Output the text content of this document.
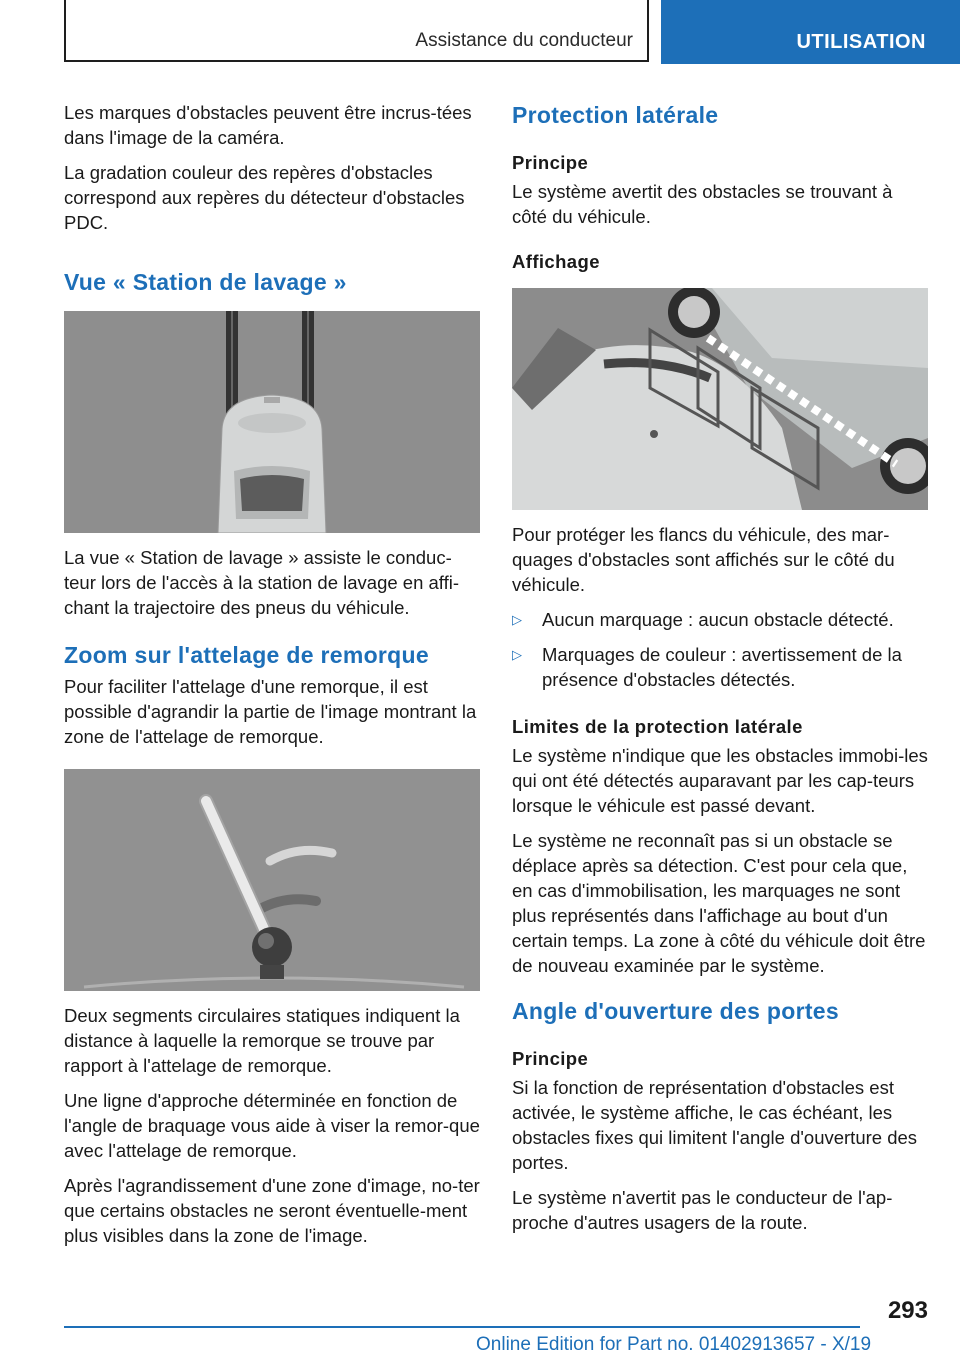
Assistance du conducteur	UTILISATION

Les marques d'obstacles peuvent être incrus-tées dans l'image de la caméra.

La gradation couleur des repères d'obstacles correspond aux repères du détecteur d'obstacles PDC.

Vue « Station de lavage »

La vue « Station de lavage » assiste le conduc-teur lors de l'accès à la station de lavage en affi-chant la trajectoire des pneus du véhicule.

Zoom sur l'attelage de remorque

Pour faciliter l'attelage d'une remorque, il est possible d'agrandir la partie de l'image montrant la zone de l'attelage de remorque.

Deux segments circulaires statiques indiquent la distance à laquelle la remorque se trouve par rapport à l'attelage de remorque.

Une ligne d'approche déterminée en fonction de l'angle de braquage vous aide à viser la remor-que avec l'attelage de remorque.

Après l'agrandissement d'une zone d'image, no-ter que certains obstacles ne seront éventuelle-ment plus visibles dans la zone de l'image.

Protection latérale
Principe

Le système avertit des obstacles se trouvant à côté du véhicule.

Affichage

Pour protéger les flancs du véhicule, des mar-quages d'obstacles sont affichés sur le côté du véhicule.

▷ Aucun marquage : aucun obstacle détecté.
▷ Marquages de couleur : avertissement de la présence d'obstacles détectés.
Limites de la protection latérale

Le système n'indique que les obstacles immobi-les qui ont été détectés auparavant par les cap-teurs lorsque le véhicule est passé devant.

Le système ne reconnaît pas si un obstacle se déplace après sa détection. C'est pour cela que, en cas d'immobilisation, les marquages ne sont plus représentés dans l'affichage au bout d'un certain temps. La zone à côté du véhicule doit être de nouveau examinée par le système.

Angle d'ouverture des portes
Principe

Si la fonction de représentation d'obstacles est activée, le système affiche, le cas échéant, les obstacles fixes qui limitent l'angle d'ouverture des portes.

Le système n'avertit pas le conducteur de l'ap-proche d'autres usagers de la route.

293
Online Edition for Part no. 01402913657 - X/19
